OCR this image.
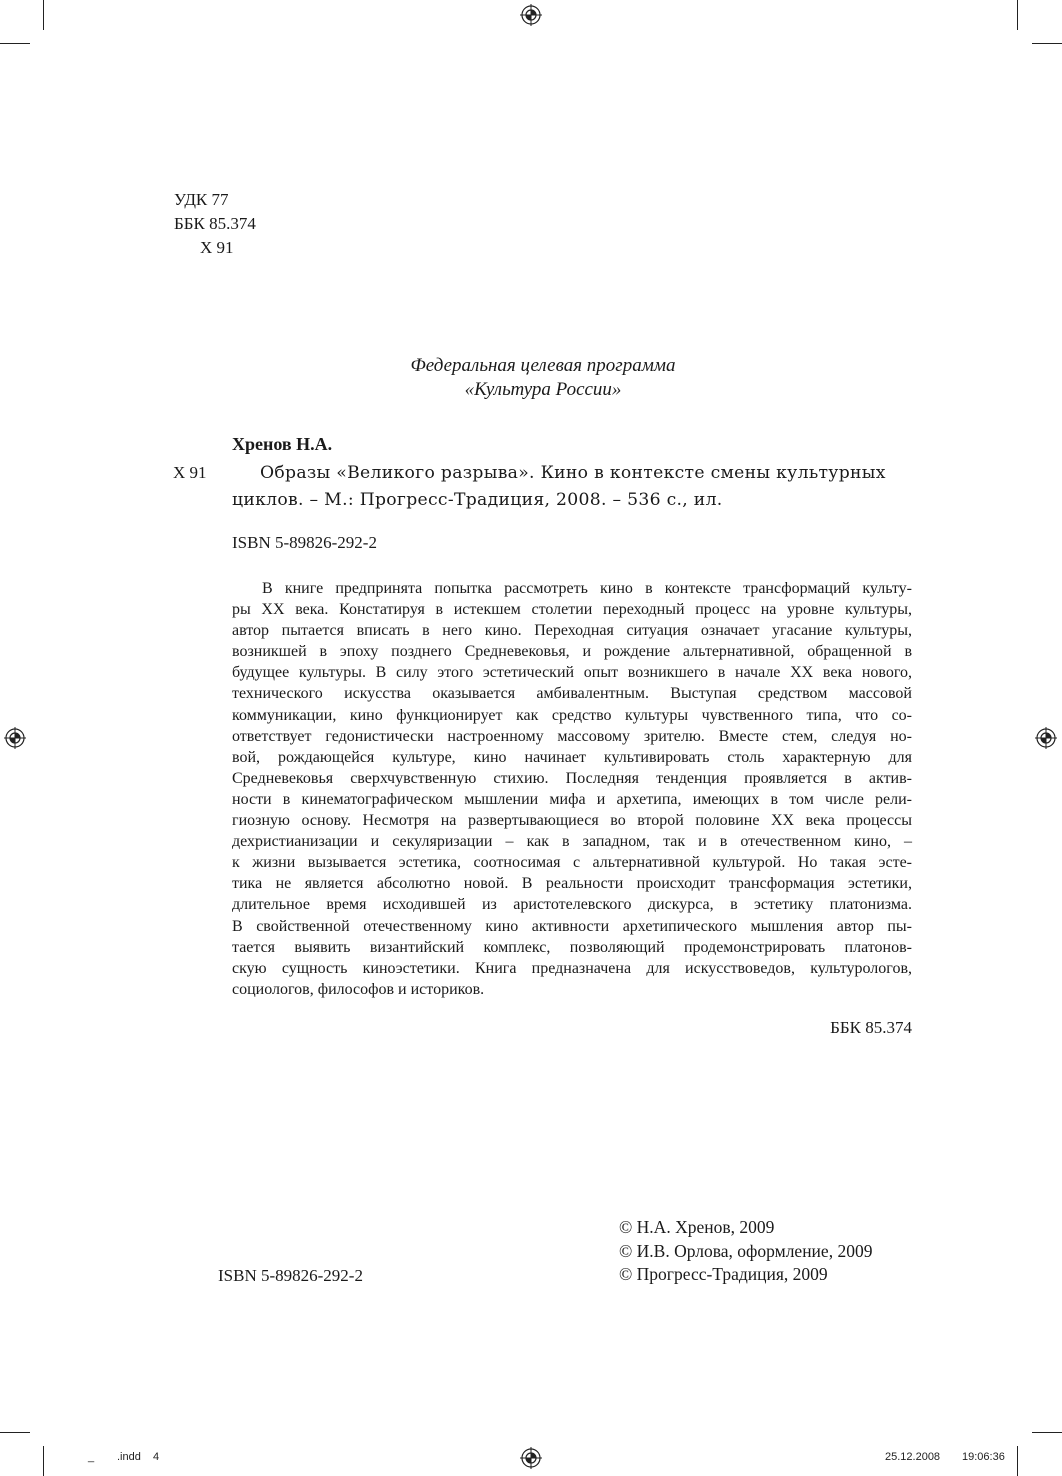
УДК 77
ББК 85.374
Х 91
Федеральная целевая программа
«Культура России»
Хренов Н.А.
Х 91	Образы «Великого разрыва». Кино в контексте смены культурных
циклов. – М.: Прогресс-Традиция, 2008. – 536 с., ил.
ISBN 5-89826-292-2
В книге предпринята попытка рассмотреть кино в контексте трансформаций культу-
ры XX века. Констатируя в истекшем столетии переходный процесс на уровне культуры,
автор пытается вписать в него кино. Переходная ситуация означает угасание культуры,
возникшей в эпоху позднего Средневековья, и рождение альтернативной, обращенной в
будущее культуры. В силу этого эстетический опыт возникшего в начале XX века нового,
технического искусства оказывается амбивалентным. Выступая средством массовой
коммуникации, кино функционирует как средство культуры чувственного типа, что со-
ответствует гедонистически настроенному массовому зрителю. Вместе стем, следуя но-
вой, рождающейся культуре, кино начинает культивировать столь характерную для
Средневековья сверхчувственную стихию. Последняя тенденция проявляется в актив-
ности в кинематографическом мышлении мифа и архетипа, имеющих в том числе рели-
гиозную основу. Несмотря на развертывающиеся во второй половине XX века процессы
дехристианизации и секуляризации – как в западном, так и в отечественном кино, –
к жизни вызывается эстетика, соотносимая с альтернативной культурой. Но такая эсте-
тика не является абсолютно новой. В реальности происходит трансформация эстетики,
длительное время исходившей из аристотелевского дискурса, в эстетику платонизма.
В свойственной отечественному кино активности архетипического мышления автор пы-
тается выявить византийский комплекс, позволяющий продемонстрировать платонов-
скую сущность киноэстетики. Книга предназначена для искусствоведов, культурологов,
социологов, философов и историков.
ББК 85.374
ISBN 5-89826-292-2
© Н.А. Хренов, 2009
© И.В. Орлова, оформление, 2009
© Прогресс-Традиция, 2009
_ .indd 4	25.12.2008 19:06:36
